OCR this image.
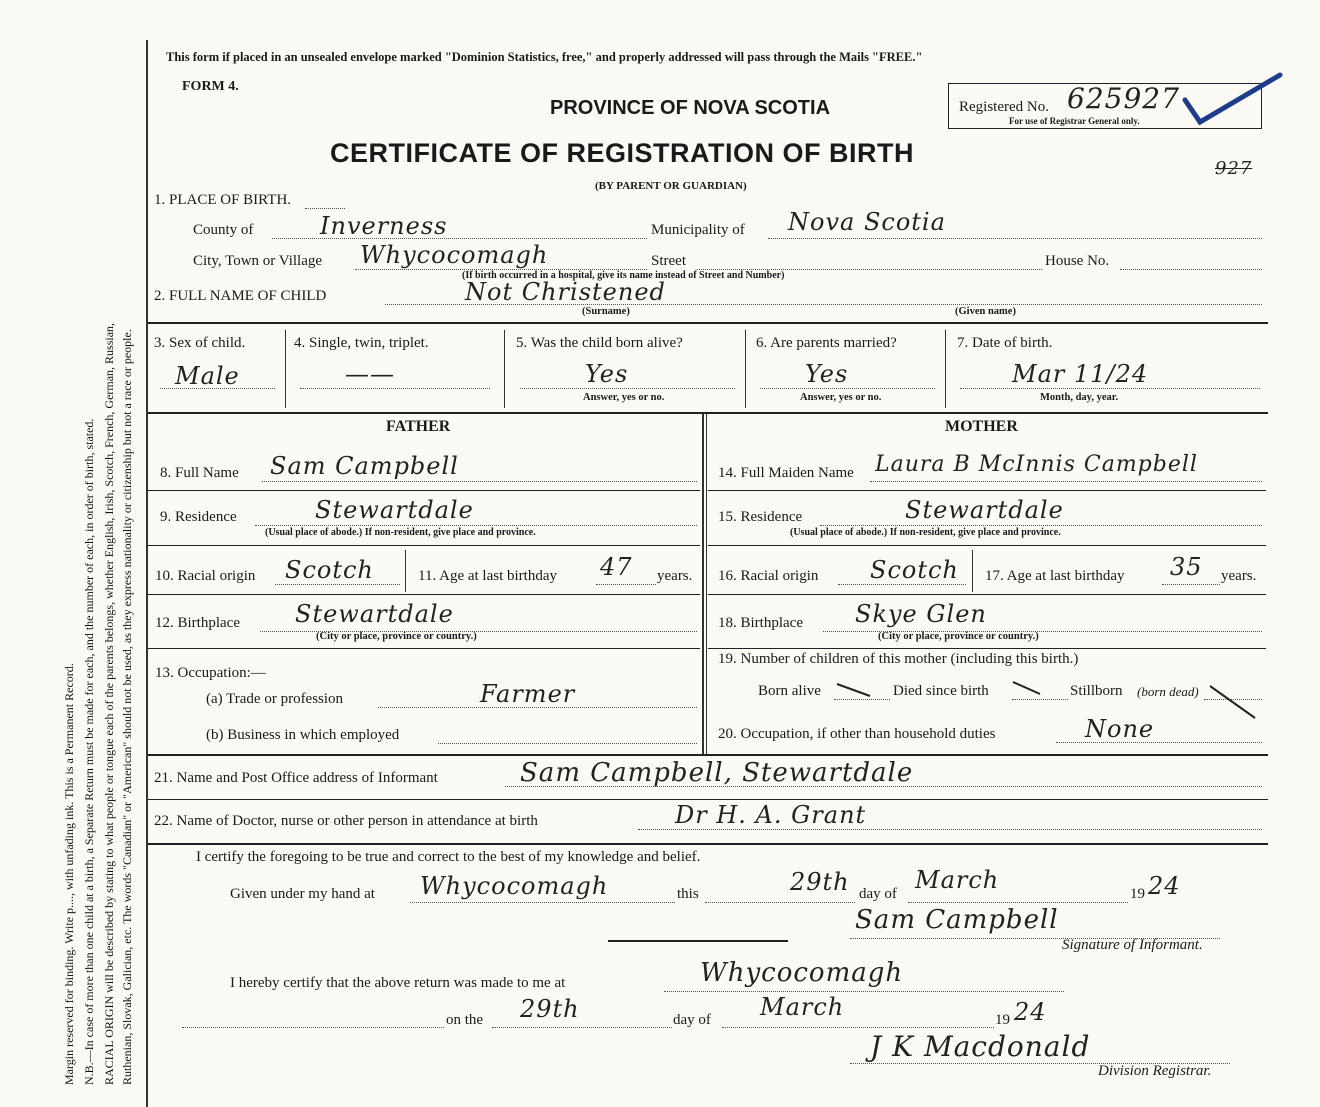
Margin reserved for binding. Write p...., with unfading ink. This is a Permanent Record. N.B.—In case of more than one child at a birth, a Separate Return must be made for each, and the number of each, in order of birth, stated. RACIAL ORIGIN will be described by stating to what people or tongue each of the parents belongs, whether English, Irish, Scotch, French, German, Russian, Ruthenian, Slovak, Galician, etc. The words "Canadian" or "American" should not be used, as they express nationality or citizenship but not a race or people.
This form if placed in an unsealed envelope marked "Dominion Statistics, free," and properly addressed will pass through the Mails "FREE."
FORM 4.
PROVINCE OF NOVA SCOTIA
CERTIFICATE OF REGISTRATION OF BIRTH
(BY PARENT OR GUARDIAN)
Registered No. 625927
For use of Registrar General only.
927
1. PLACE OF BIRTH.
County of	Inverness	Municipality of Nova Scotia
City, Town or Village Whycocomagh	Street	House No.
(If birth occurred in a hospital, give its name instead of Street and Number)
2. FULL NAME OF CHILD	Not Christened
(Surname)	(Given name)
3. Sex of child.
Male
4. Single, twin, triplet.
——
5. Was the child born alive?
Yes
Answer, yes or no.
6. Are parents married?
Yes
Answer, yes or no.
7. Date of birth.
Mar 11/24
Month, day, year.
FATHER	MOTHER
8. Full Name Sam Campbell
9. Residence	Stewartdale
(Usual place of abode.) If non-resident, give place and province.
10. Racial origin Scotch	11. Age at last birthday 47 years.
12. Birthplace Stewartdale
(City or place, province or country.)
13. Occupation:—
(a) Trade or profession	Farmer
(b) Business in which employed
14. Full Maiden Name Laura B McInnis Campbell
15. Residence	Stewartdale
(Usual place of abode.) If non-resident, give place and province.
16. Racial origin Scotch 17. Age at last birthday 35 years.
18. Birthplace Skye Glen
(City or place, province or country.)
19. Number of children of this mother (including this birth.)
Born alive	Died since birth	Stillborn (born dead)
20. Occupation, if other than household duties	None
21. Name and Post Office address of Informant	Sam Campbell, Stewartdale
22. Name of Doctor, nurse or other person in attendance at birth	Dr H. A. Grant
I certify the foregoing to be true and correct to the best of my knowledge and belief.
Given under my hand at Whycocomagh	this	29th day of March	19 24
Sam Campbell
Signature of Informant.
I hereby certify that the above return was made to me at	Whycocomagh
on the 29th	day of March	19 24
J K Macdonald
Division Registrar.
